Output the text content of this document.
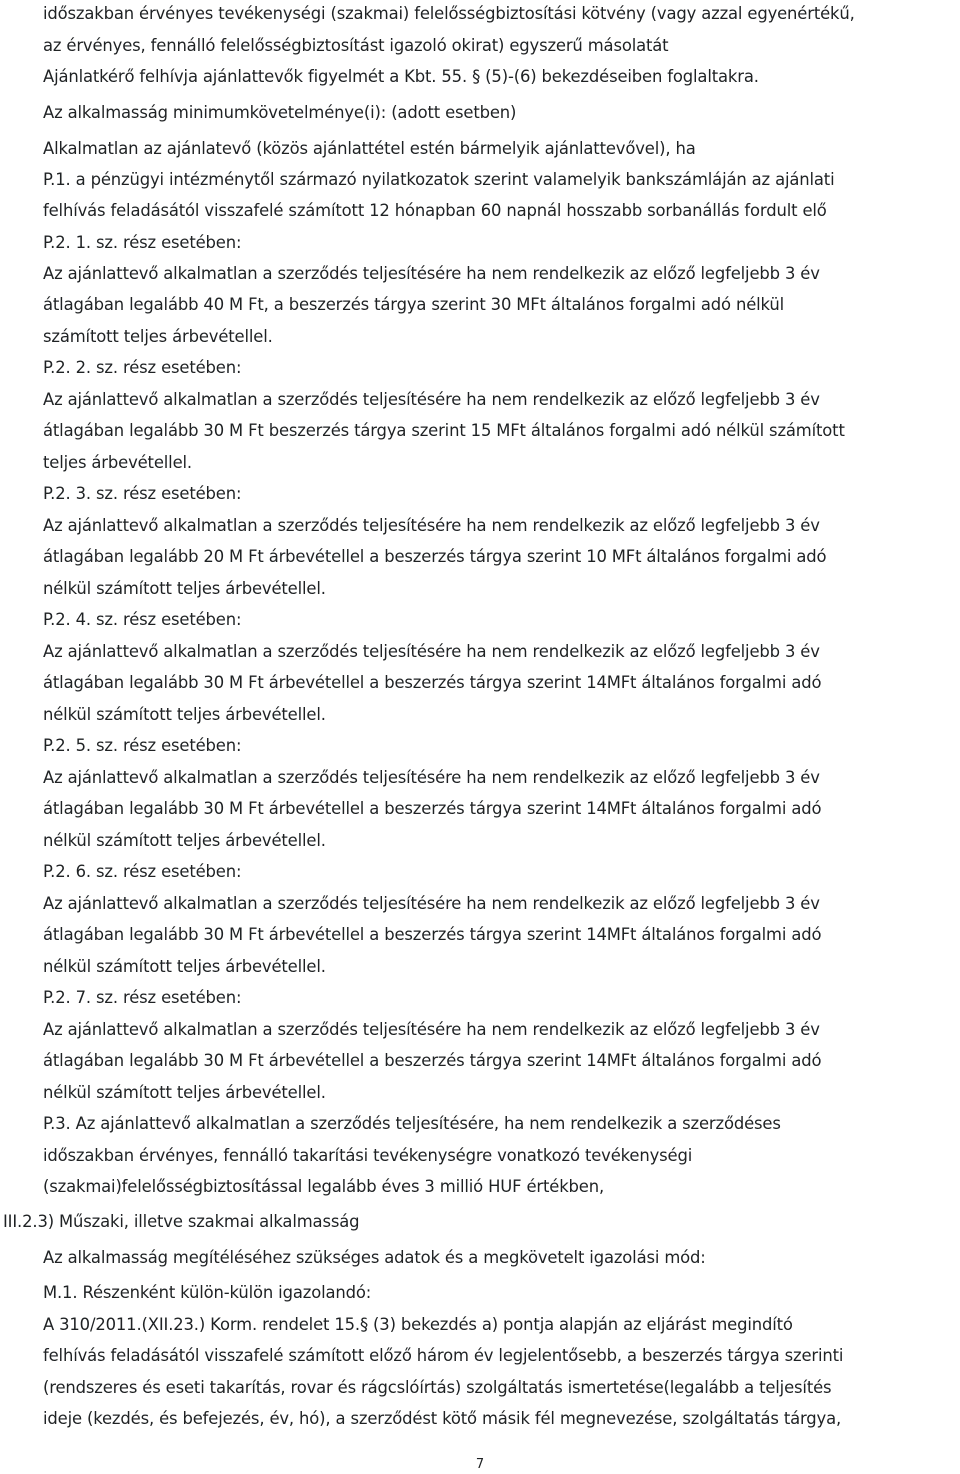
időszakban érvényes tevékenységi (szakmai) felelősségbiztosítási kötvény (vagy azzal egyenértékű,
az érvényes, fennálló felelősségbiztosítást igazoló okirat) egyszerű másolatát
Ajánlatkérő felhívja ajánlattevők figyelmét a Kbt. 55. § (5)-(6) bekezdéseiben foglaltakra.
Az alkalmasság minimumkövetelménye(i): (adott esetben)
Alkalmatlan az ajánlatevő (közös ajánlattétel estén bármelyik ajánlattevővel), ha
P.1. a pénzügyi intézménytől származó nyilatkozatok szerint valamelyik bankszámláján az ajánlati
felhívás feladásától visszafelé számított 12 hónapban 60 napnál hosszabb sorbanállás fordult elő
P.2. 1. sz. rész esetében:
Az ajánlattevő alkalmatlan a szerződés teljesítésére ha nem rendelkezik az előző legfeljebb 3 év
átlagában legalább 40 M Ft, a beszerzés tárgya szerint 30 MFt általános forgalmi adó nélkül
számított teljes árbevétellel.
P.2. 2. sz. rész esetében:
Az ajánlattevő alkalmatlan a szerződés teljesítésére ha nem rendelkezik az előző legfeljebb 3 év
átlagában legalább 30 M Ft beszerzés tárgya szerint 15 MFt általános forgalmi adó nélkül számított
teljes árbevétellel.
P.2. 3. sz. rész esetében:
Az ajánlattevő alkalmatlan a szerződés teljesítésére ha nem rendelkezik az előző legfeljebb 3 év
átlagában legalább 20 M Ft árbevétellel a beszerzés tárgya szerint 10 MFt általános forgalmi adó
nélkül számított teljes árbevétellel.
P.2. 4. sz. rész esetében:
Az ajánlattevő alkalmatlan a szerződés teljesítésére ha nem rendelkezik az előző legfeljebb 3 év
átlagában legalább 30 M Ft árbevétellel a beszerzés tárgya szerint 14MFt általános forgalmi adó
nélkül számított teljes árbevétellel.
P.2. 5. sz. rész esetében:
Az ajánlattevő alkalmatlan a szerződés teljesítésére ha nem rendelkezik az előző legfeljebb 3 év
átlagában legalább 30 M Ft árbevétellel a beszerzés tárgya szerint 14MFt általános forgalmi adó
nélkül számított teljes árbevétellel.
P.2. 6. sz. rész esetében:
Az ajánlattevő alkalmatlan a szerződés teljesítésére ha nem rendelkezik az előző legfeljebb 3 év
átlagában legalább 30 M Ft árbevétellel a beszerzés tárgya szerint 14MFt általános forgalmi adó
nélkül számított teljes árbevétellel.
P.2. 7. sz. rész esetében:
Az ajánlattevő alkalmatlan a szerződés teljesítésére ha nem rendelkezik az előző legfeljebb 3 év
átlagában legalább 30 M Ft árbevétellel a beszerzés tárgya szerint 14MFt általános forgalmi adó
nélkül számított teljes árbevétellel.
P.3. Az ajánlattevő alkalmatlan a szerződés teljesítésére, ha nem rendelkezik a szerződéses
időszakban érvényes, fennálló takarítási tevékenységre vonatkozó tevékenységi
(szakmai)felelősségbiztosítással legalább éves 3 millió HUF értékben,
III.2.3) Műszaki, illetve szakmai alkalmasság
Az alkalmasság megítéléséhez szükséges adatok és a megkövetelt igazolási mód:
M.1. Részenként külön-külön igazolandó:
A 310/2011.(XII.23.) Korm. rendelet 15.§ (3) bekezdés a) pontja alapján az eljárást megindító
felhívás feladásától visszafelé számított előző három év legjelentősebb, a beszerzés tárgya szerinti
(rendszeres és eseti takarítás, rovar és rágcslóírtás) szolgáltatás ismertetése(legalább a teljesítés
ideje (kezdés, és befejezés, év, hó), a szerződést kötő másik fél megnevezése, szolgáltatás tárgya,
7
